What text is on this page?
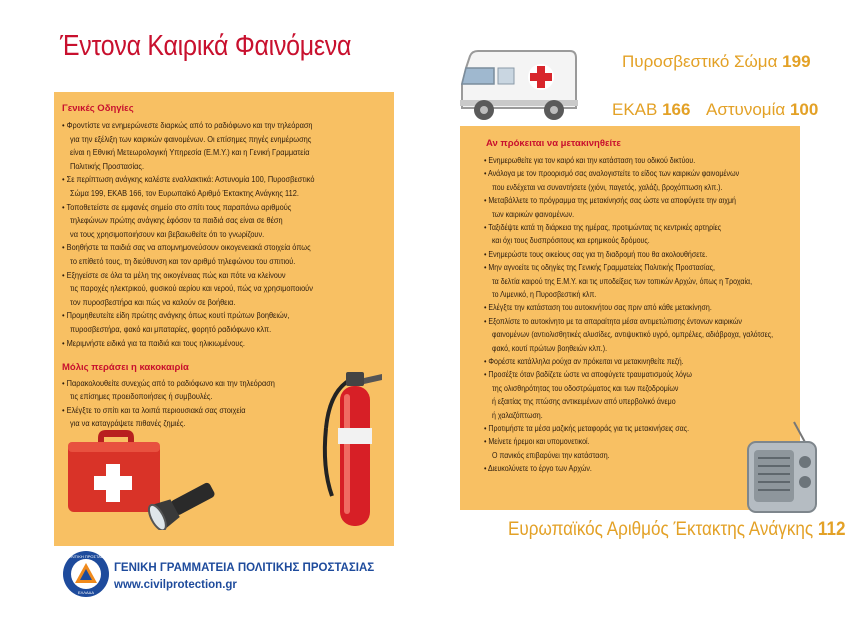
Έντονα Καιρικά Φαινόμενα
Γενικές Οδηγίες
• Φροντίστε να ενημερώνεστε διαρκώς από το ραδιόφωνο και την τηλεόραση
για την εξέλιξη των καιρικών φαινομένων. Οι επίσημες πηγές ενημέρωσης
είναι η Εθνική Μετεωρολογική Υπηρεσία (Ε.Μ.Υ.) και η Γενική Γραμματεία
Πολιτικής Προστασίας.
• Σε περίπτωση ανάγκης καλέστε εναλλακτικά: Αστυνομία 100, Πυροσβεστικό
Σώμα 199, ΕΚΑΒ 166, τον Ευρωπαϊκό Αριθμό Έκτακτης Ανάγκης 112.
• Τοποθετείστε σε εμφανές σημείο στο σπίτι τους παραπάνω αριθμούς
τηλεφώνων πρώτης ανάγκης έφόσον τα παιδιά σας είναι σε θέση
να τους χρησιμοποιήσουν και βεβαιωθείτε ότι το γνωρίζουν.
• Βοηθήστε τα παιδιά σας να απομνημονεύσουν οικογενειακά στοιχεία όπως
το επίθετό τους, τη διεύθυνση και τον αριθμό τηλεφώνου του σπιτιού.
• Εξηγείστε σε όλα τα μέλη της οικογένειας πώς και πότε να κλείνουν
τις παροχές ηλεκτρικού, φυσικού αερίου και νερού, πώς να χρησιμοποιούν
τον πυροσβεστήρα και πώς να καλούν σε βοήθεια.
• Προμηθευτείτε είδη πρώτης ανάγκης όπως κουτί πρώτων βοηθειών,
πυροσβεστήρα, φακό και μπαταρίες, φορητό ραδιόφωνο κλπ.
• Μεριμνήστε ειδικά για τα παιδιά και τους ηλικιωμένους.
Μόλις περάσει η κακοκαιρία
• Παρακολουθείτε συνεχώς από το ραδιόφωνο και την τηλεόραση
τις επίσημες προειδοποιήσεις ή συμβουλές.
• Ελέγξτε το σπίτι και τα λοιπά περιουσιακά σας στοιχεία
για να καταγράψετε πιθανές ζημιές.
Πυροσβεστικό Σώμα 199
ΕΚΑΒ 166 Αστυνομία 100
Αν πρόκειται να μετακινηθείτε
• Ενημερωθείτε για τον καιρό και την κατάσταση του οδικού δικτύου.
• Ανάλογα με τον προορισμό σας αναλογιστείτε το είδος των καιρικών φαινομένων
που ενδέχεται να συναντήσετε (χιόνι, παγετός, χαλάζι, βροχόπτωση κλπ.).
• Μεταβάλλετε το πρόγραμμα της μετακίνησής σας ώστε να αποφύγετε την αιχμή
των καιρικών φαινομένων.
• Ταξιδέψτε κατά τη διάρκεια της ημέρας, προτιμώντας τις κεντρικές αρτηρίες
και όχι τους δυσπρόσιτους και ερημικούς δρόμους.
• Ενημερώστε τους οικείους σας για τη διαδρομή που θα ακολουθήσετε.
• Μην αγνοείτε τις οδηγίες της Γενικής Γραμματείας Πολιτικής Προστασίας,
τα δελτία καιρού της Ε.Μ.Υ. και τις υποδείξεις των τοπικών Αρχών, όπως η Τροχαία,
το Λιμενικό, η Πυροσβεστική κλπ.
• Ελέγξτε την κατάσταση του αυτοκινήτου σας πριν από κάθε μετακίνηση.
• Εξοπλίστε το αυτοκίνητο με τα απαραίτητα μέσα αντιμετώπισης έντονων καιρικών
φαινομένων (αντιολισθητικές αλυσίδες, αντιψυκτικό υγρό, ομπρέλες, αδιάβροχα, γαλότσες,
φακό, κουτί πρώτων βοηθειών κλπ.).
• Φορέστε κατάλληλα ρούχα αν πρόκειται να μετακινηθείτε πεζή.
• Προσέξτε όταν βαδίζετε ώστε να αποφύγετε τραυματισμούς λόγω
της ολισθηρότητας του οδοστρώματος και των πεζοδρομίων
ή εξαιτίας της πτώσης αντικειμένων από υπερβολικό άνεμο
ή χαλαζόπτωση.
• Προτιμήστε τα μέσα μαζικής μεταφοράς για τις μετακινήσεις σας.
• Μείνετε ήρεμοι και υπομονετικοί.
Ο πανικός επιβαρύνει την κατάσταση.
• Διευκολύνετε το έργο των Αρχών.
Ευρωπαϊκός Αριθμός Έκτακτης Ανάγκης 112
ΠΟΛΙΤΙΚΗ ΠΡΟΣΤΑΣΙΑ
ΕΛΛΑΔΑ
ΓΕΝΙΚΗ ΓΡΑΜΜΑΤΕΙΑ ΠΟΛΙΤΙΚΗΣ ΠΡΟΣΤΑΣΙΑΣ
www.civilprotection.gr
